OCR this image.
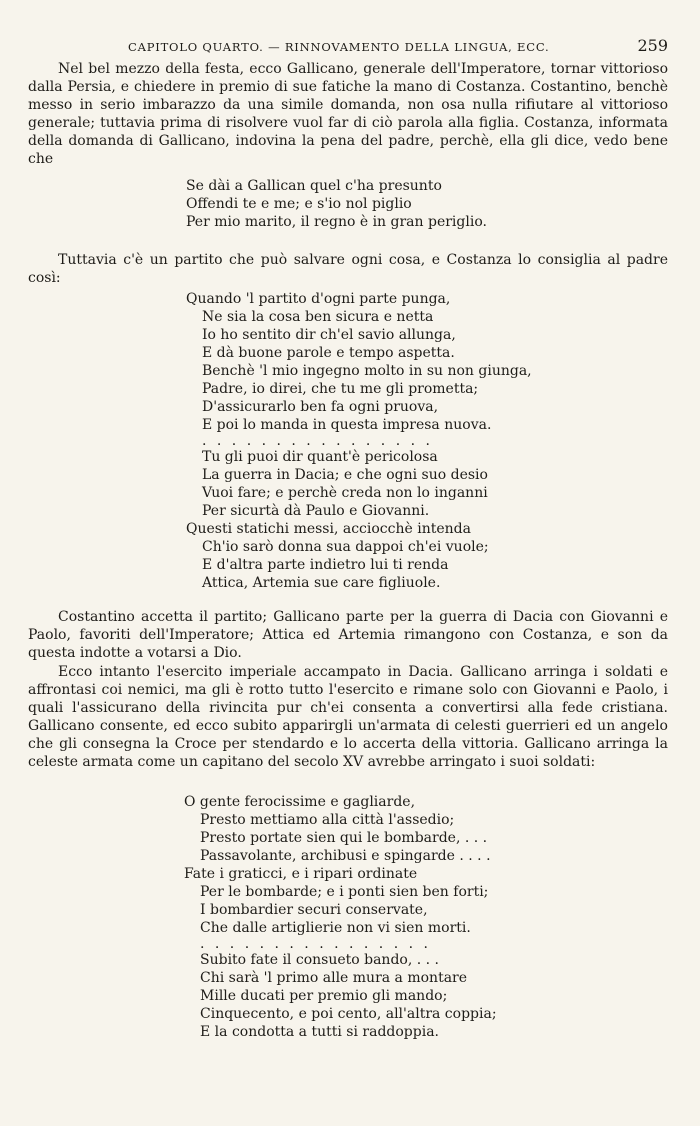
CAPITOLO QUARTO. — RINNOVAMENTO DELLA LINGUA, ECC.	259

Nel bel mezzo della festa, ecco Gallicano, generale dell'Imperatore, tornar vittorioso dalla Persia, e chiedere in premio di sue fatiche la mano di Costanza. Costantino, benchè messo in serio imbarazzo da una simile domanda, non osa nulla rifiutare al vittorioso generale; tuttavia prima di risolvere vuol far di ciò parola alla figlia. Costanza, informata della domanda di Gallicano, indovina la pena del padre, perchè, ella gli dice, vedo bene che

Se dài a Gallican quel c'ha presunto
Offendi te e me; e s'io nol piglio
Per mio marito, il regno è in gran periglio.

Tuttavia c'è un partito che può salvare ogni cosa, e Costanza lo consiglia al padre così:

Quando 'l partito d'ogni parte punga,
Ne sia la cosa ben sicura e netta
Io ho sentito dir ch'el savio allunga,
E dà buone parole e tempo aspetta.
Benchè 'l mio ingegno molto in su non giunga,
Padre, io direi, che tu me gli prometta;
D'assicurarlo ben fa ogni pruova,
E poi lo manda in questa impresa nuova.
. . . . . . . . . . . . . . . .
Tu gli puoi dir quant'è pericolosa
La guerra in Dacia; e che ogni suo desio
Vuoi fare; e perchè creda non lo inganni
Per sicurtà dà Paulo e Giovanni.
Questi statichi messi, acciocchè intenda
Ch'io sarò donna sua dappoi ch'ei vuole;
E d'altra parte indietro lui ti renda
Attica, Artemia sue care figliuole.

Costantino accetta il partito; Gallicano parte per la guerra di Dacia con Giovanni e Paolo, favoriti dell'Imperatore; Attica ed Artemia rimangono con Costanza, e son da questa indotte a votarsi a Dio.

Ecco intanto l'esercito imperiale accampato in Dacia. Gallicano arringa i soldati e affrontasi coi nemici, ma gli è rotto tutto l'esercito e rimane solo con Giovanni e Paolo, i quali l'assicurano della rivincita pur ch'ei consenta a convertirsi alla fede cristiana. Gallicano consente, ed ecco subito apparirgli un'armata di celesti guerrieri ed un angelo che gli consegna la Croce per stendardo e lo accerta della vittoria. Gallicano arringa la celeste armata come un capitano del secolo XV avrebbe arringato i suoi soldati:

O gente ferocissime e gagliarde,
Presto mettiamo alla città l'assedio;
Presto portate sien qui le bombarde, . . .
Passavolante, archibusi e spingarde . . . .
Fate i graticci, e i ripari ordinate
Per le bombarde; e i ponti sien ben forti;
I bombardier securi conservate,
Che dalle artiglierie non vi sien morti.
. . . . . . . . . . . . . . . .
Subito fate il consueto bando, . . .
Chi sarà 'l primo alle mura a montare
Mille ducati per premio gli mando;
Cinquecento, e poi cento, all'altra coppia;
E la condotta a tutti si raddoppia.
